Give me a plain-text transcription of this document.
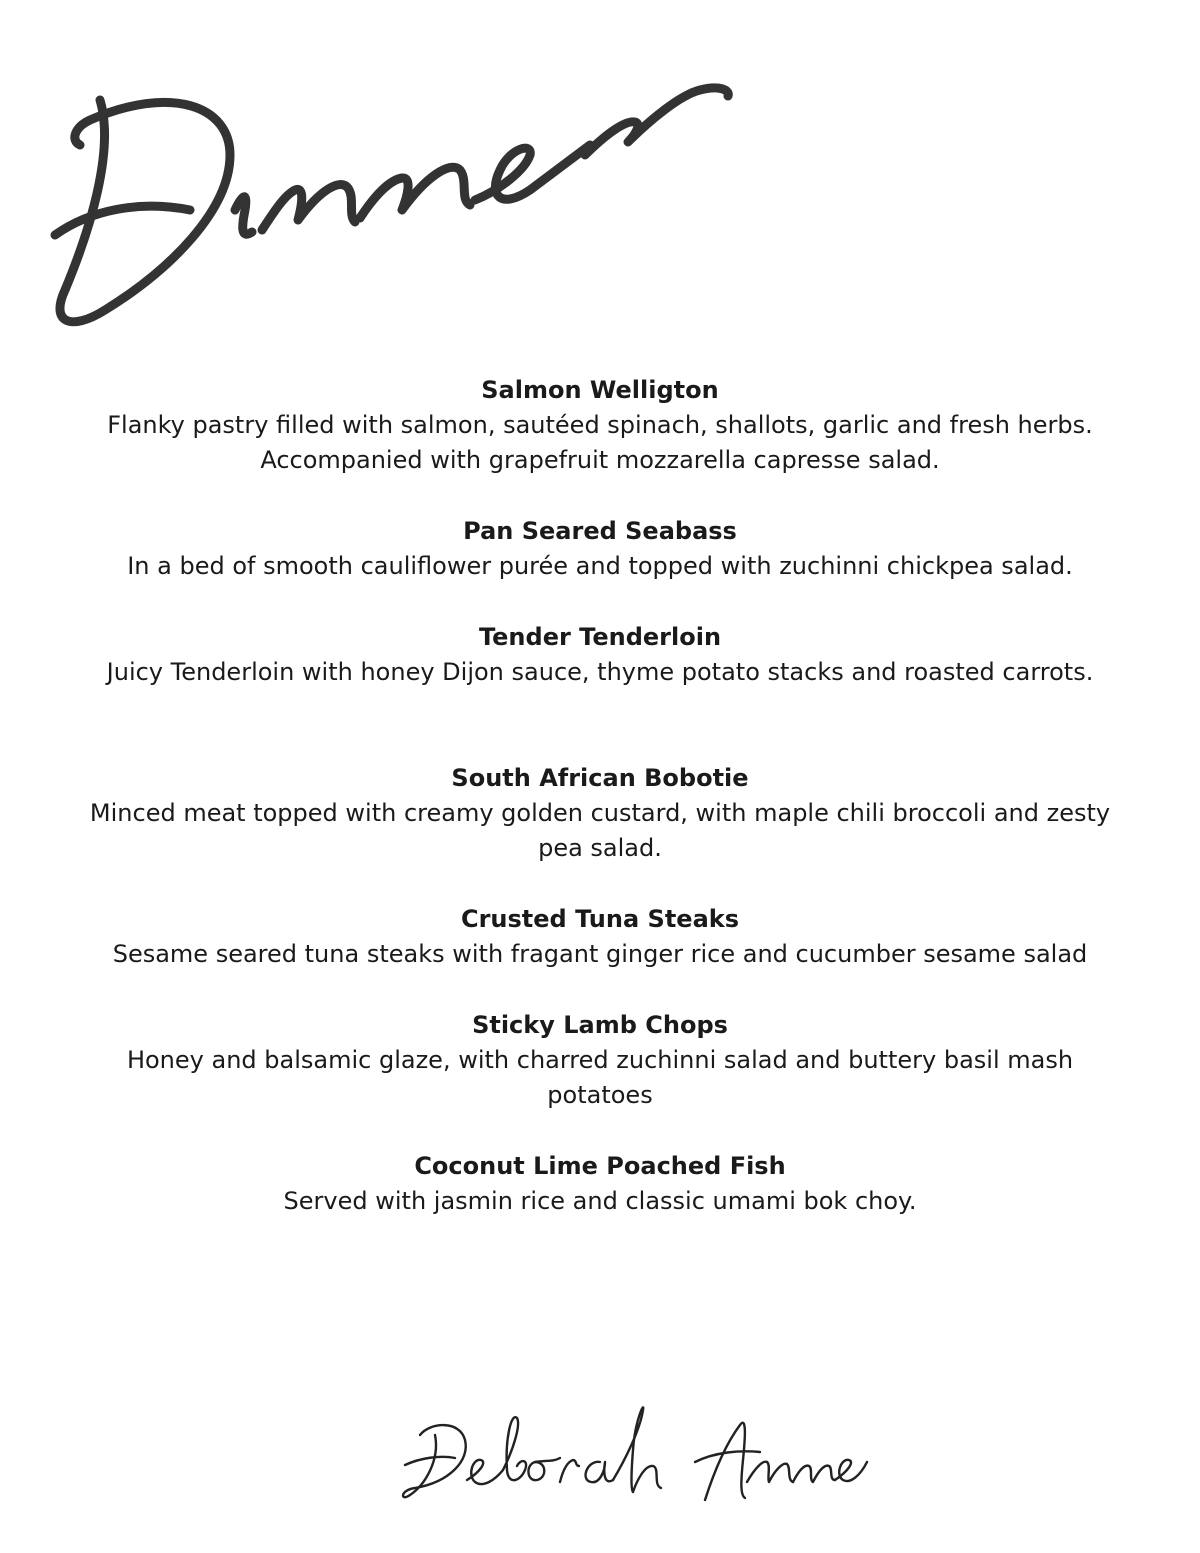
Salmon Welligton

Flanky pastry filled with salmon, sautéed spinach, shallots, garlic and fresh herbs. Accompanied with grapefruit mozzarella capresse salad.

Pan Seared Seabass

In a bed of smooth cauliflower purée and topped with zuchinni chickpea salad.

Tender Tenderloin

Juicy Tenderloin with honey Dijon sauce, thyme potato stacks and roasted carrots.

South African Bobotie

Minced meat topped with creamy golden custard, with maple chili broccoli and zesty pea salad.

Crusted Tuna Steaks

Sesame seared tuna steaks with fragant ginger rice and cucumber sesame salad

Sticky Lamb Chops

Honey and balsamic glaze, with charred zuchinni salad and buttery basil mash potatoes

Coconut Lime Poached Fish

Served with jasmin rice and classic umami bok choy.
